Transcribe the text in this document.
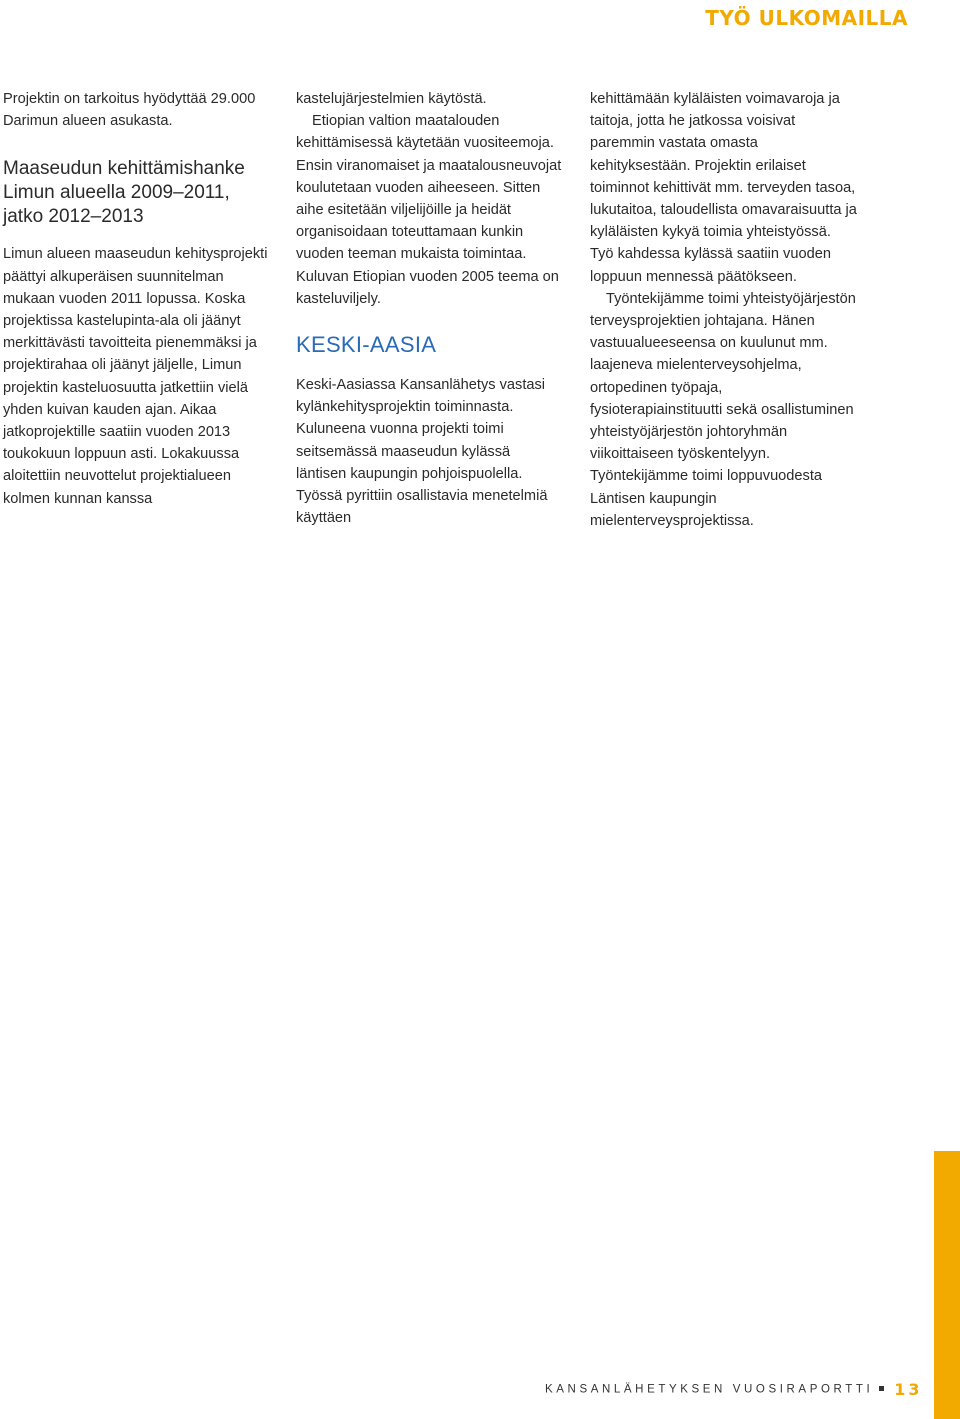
TYÖ ULKOMAILLA

Projektin on tarkoitus hyödyttää 29.000 Darimun alueen asukasta.

Maaseudun kehittämishanke Limun alueella 2009–2011, jatko 2012–2013

Limun alueen maaseudun kehitysprojekti päättyi alkuperäisen suunnitelman mukaan vuoden 2011 lopussa. Koska projektissa kastelupinta-ala oli jäänyt merkittävästi tavoitteita pienemmäksi ja projektirahaa oli jäänyt jäljelle, Limun projektin kasteluosuutta jatkettiin vielä yhden kuivan kauden ajan. Aikaa jatkoprojektille saatiin vuoden 2013 toukokuun loppuun asti. Lokakuussa aloitettiin neuvottelut projektialueen kolmen kunnan kanssa

kastelujärjestelmien käytöstä.

Etiopian valtion maatalouden kehittämisessä käytetään vuositeemoja. Ensin viranomaiset ja maatalousneuvojat koulutetaan vuoden aiheeseen. Sitten aihe esitetään viljelijöille ja heidät organisoidaan toteuttamaan kunkin vuoden teeman mukaista toimintaa. Kuluvan Etiopian vuoden 2005 teema on kasteluviljely.

KESKI-AASIA

Keski-Aasiassa Kansanlähetys vastasi kylänkehitysprojektin toiminnasta. Kuluneena vuonna projekti toimi seitsemässä maaseudun kylässä läntisen kaupungin pohjoispuolella. Työssä pyrittiin osallistavia menetelmiä käyttäen

kehittämään kyläläisten voimavaroja ja taitoja, jotta he jatkossa voisivat paremmin vastata omasta kehityksestään. Projektin erilaiset toiminnot kehittivät mm. terveyden tasoa, lukutaitoa, taloudellista omavaraisuutta ja kyläläisten kykyä toimia yhteistyössä. Työ kahdessa kylässä saatiin vuoden loppuun mennessä päätökseen.

Työntekijämme toimi yhteistyöjärjestön terveysprojektien johtajana. Hänen vastuualueeseensa on kuulunut mm. laajeneva mielenterveysohjelma, ortopedinen työpaja, fysioterapiainstituutti sekä osallistuminen yhteistyöjärjestön johtoryhmän viikoittaiseen työskentelyyn. Työntekijämme toimi loppuvuodesta Läntisen kaupungin mielenterveysprojektissa.

KANSANLÄHETYKSEN VUOSIRAPORTTI 13
